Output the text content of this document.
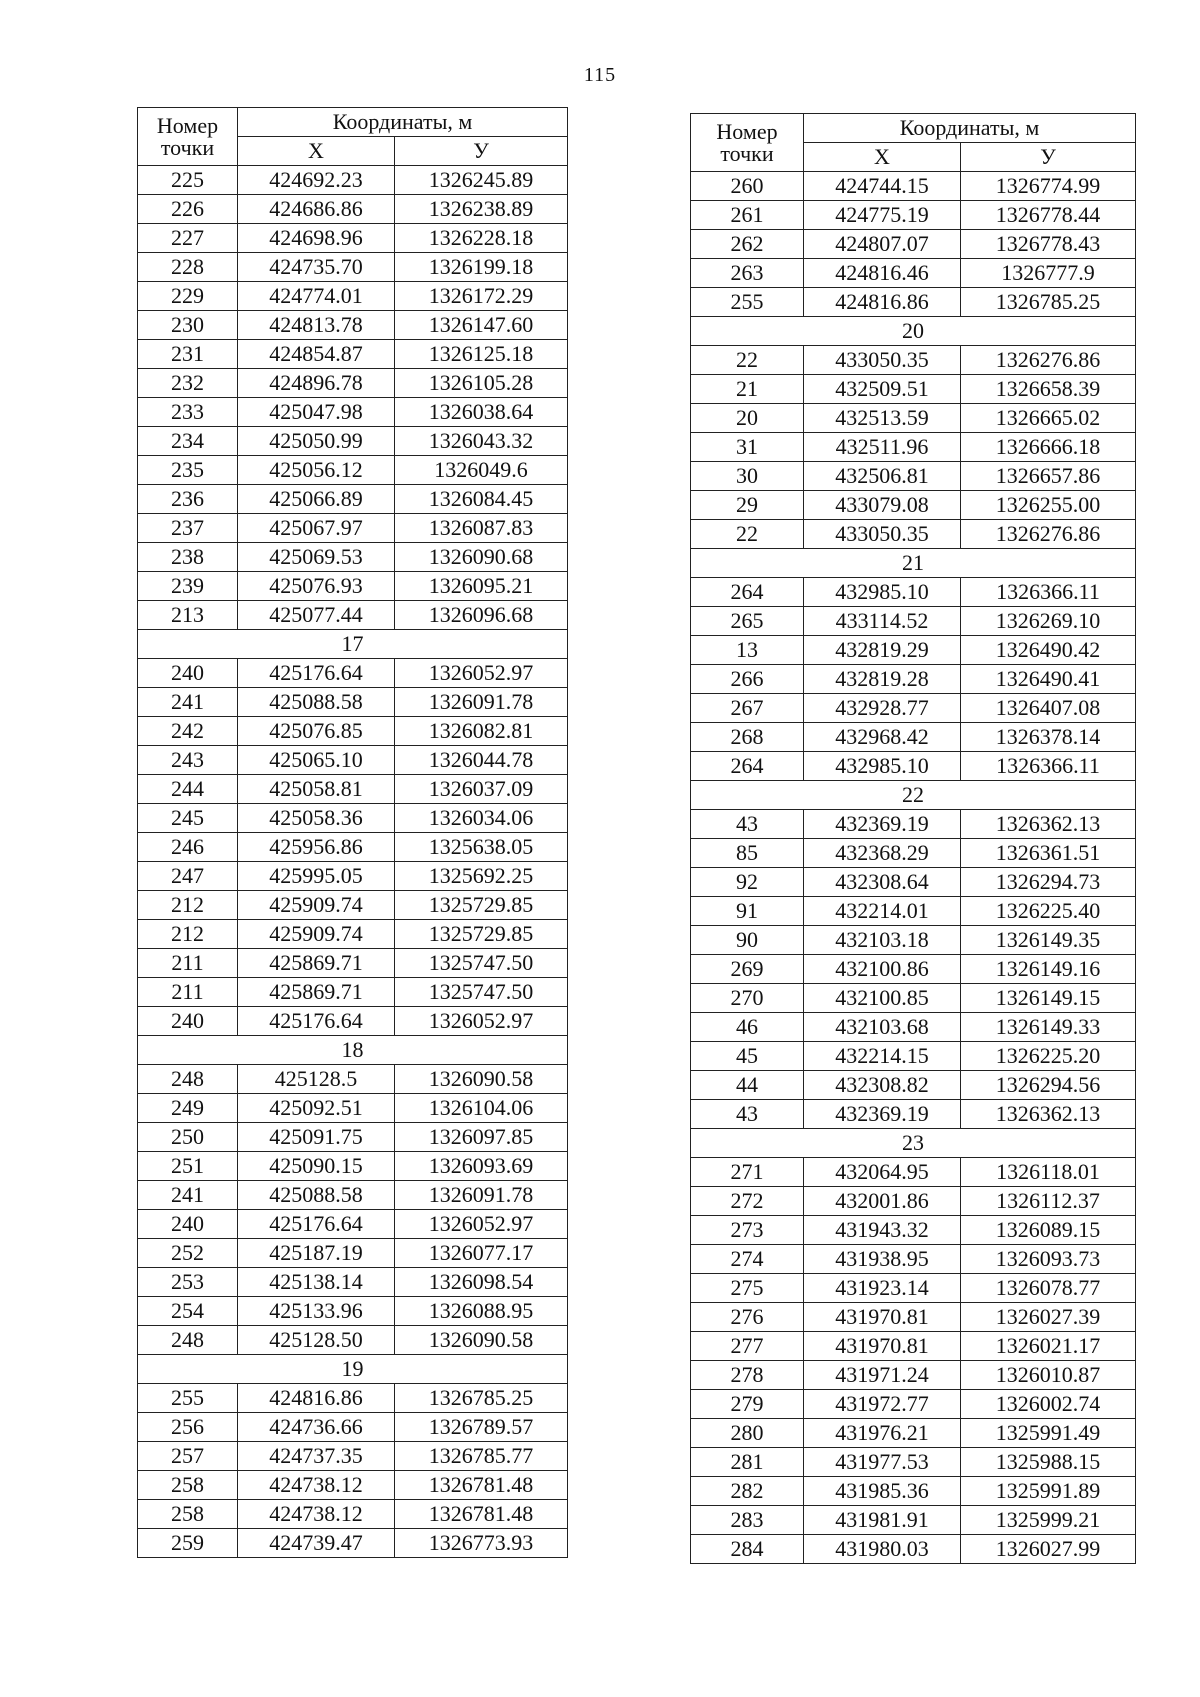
115
Номер
точки	Координаты, м	
	X	У
225	424692.23	1326245.89
226	424686.86	1326238.89
227	424698.96	1326228.18
228	424735.70	1326199.18
229	424774.01	1326172.29
230	424813.78	1326147.60
231	424854.87	1326125.18
232	424896.78	1326105.28
233	425047.98	1326038.64
234	425050.99	1326043.32
235	425056.12	1326049.6
236	425066.89	1326084.45
237	425067.97	1326087.83
238	425069.53	1326090.68
239	425076.93	1326095.21
213	425077.44	1326096.68
17		
240	425176.64	1326052.97
241	425088.58	1326091.78
242	425076.85	1326082.81
243	425065.10	1326044.78
244	425058.81	1326037.09
245	425058.36	1326034.06
246	425956.86	1325638.05
247	425995.05	1325692.25
212	425909.74	1325729.85
212	425909.74	1325729.85
211	425869.71	1325747.50
211	425869.71	1325747.50
240	425176.64	1326052.97
18		
248	425128.5	1326090.58
249	425092.51	1326104.06
250	425091.75	1326097.85
251	425090.15	1326093.69
241	425088.58	1326091.78
240	425176.64	1326052.97
252	425187.19	1326077.17
253	425138.14	1326098.54
254	425133.96	1326088.95
248	425128.50	1326090.58
19		
255	424816.86	1326785.25
256	424736.66	1326789.57
257	424737.35	1326785.77
258	424738.12	1326781.48
258	424738.12	1326781.48
259	424739.47	1326773.93
Номер
точки	Координаты, м	
	X	У
260	424744.15	1326774.99
261	424775.19	1326778.44
262	424807.07	1326778.43
263	424816.46	1326777.9
255	424816.86	1326785.25
20		
22	433050.35	1326276.86
21	432509.51	1326658.39
20	432513.59	1326665.02
31	432511.96	1326666.18
30	432506.81	1326657.86
29	433079.08	1326255.00
22	433050.35	1326276.86
21		
264	432985.10	1326366.11
265	433114.52	1326269.10
13	432819.29	1326490.42
266	432819.28	1326490.41
267	432928.77	1326407.08
268	432968.42	1326378.14
264	432985.10	1326366.11
22		
43	432369.19	1326362.13
85	432368.29	1326361.51
92	432308.64	1326294.73
91	432214.01	1326225.40
90	432103.18	1326149.35
269	432100.86	1326149.16
270	432100.85	1326149.15
46	432103.68	1326149.33
45	432214.15	1326225.20
44	432308.82	1326294.56
43	432369.19	1326362.13
23		
271	432064.95	1326118.01
272	432001.86	1326112.37
273	431943.32	1326089.15
274	431938.95	1326093.73
275	431923.14	1326078.77
276	431970.81	1326027.39
277	431970.81	1326021.17
278	431971.24	1326010.87
279	431972.77	1326002.74
280	431976.21	1325991.49
281	431977.53	1325988.15
282	431985.36	1325991.89
283	431981.91	1325999.21
284	431980.03	1326027.99
